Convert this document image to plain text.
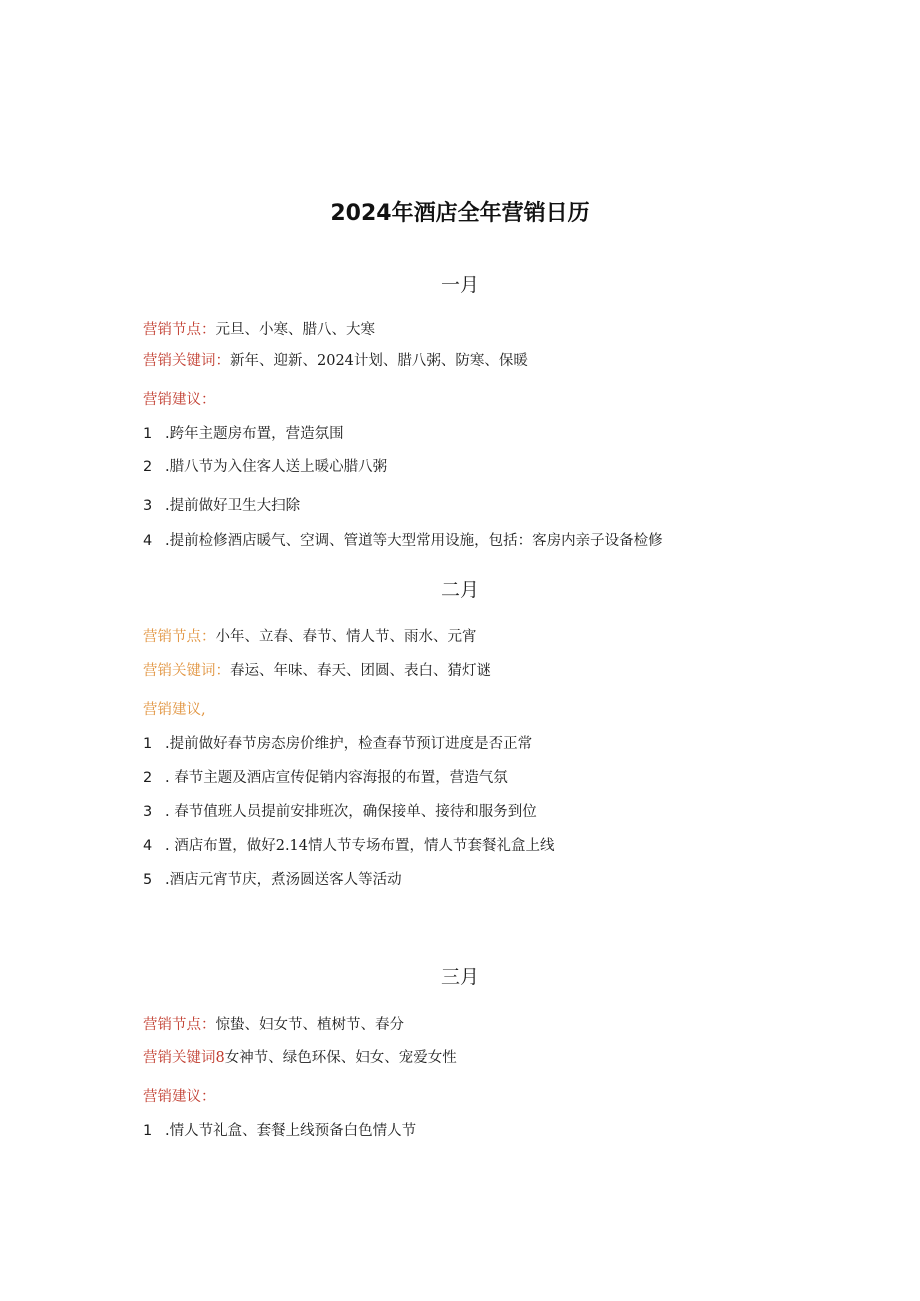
2024年酒店全年营销日历
一月
营销节点：元旦、小寒、腊八、大寒
营销关键词：新年、迎新、2024计划、腊八粥、防寒、保暖
营销建议：
1 .跨年主题房布置，营造氛围
2 .腊八节为入住客人送上暖心腊八粥
3 .提前做好卫生大扫除
4 .提前检修酒店暖气、空调、管道等大型常用设施，包括：客房内亲子设备检修
二月
营销节点：小年、立春、春节、情人节、雨水、元宵
营销关键词：春运、年味、春天、团圆、表白、猜灯谜
营销建议,
1 .提前做好春节房态房价维护，检查春节预订进度是否正常
2 . 春节主题及酒店宣传促销内容海报的布置，营造气氛
3 . 春节值班人员提前安排班次，确保接单、接待和服务到位
4 . 酒店布置，做好2.14情人节专场布置，情人节套餐礼盒上线
5 .酒店元宵节庆，煮汤圆送客人等活动
三月
营销节点：惊蛰、妇女节、植树节、春分
营销关键词8女神节、绿色环保、妇女、宠爱女性
营销建议：
1 .情人节礼盒、套餐上线预备白色情人节
